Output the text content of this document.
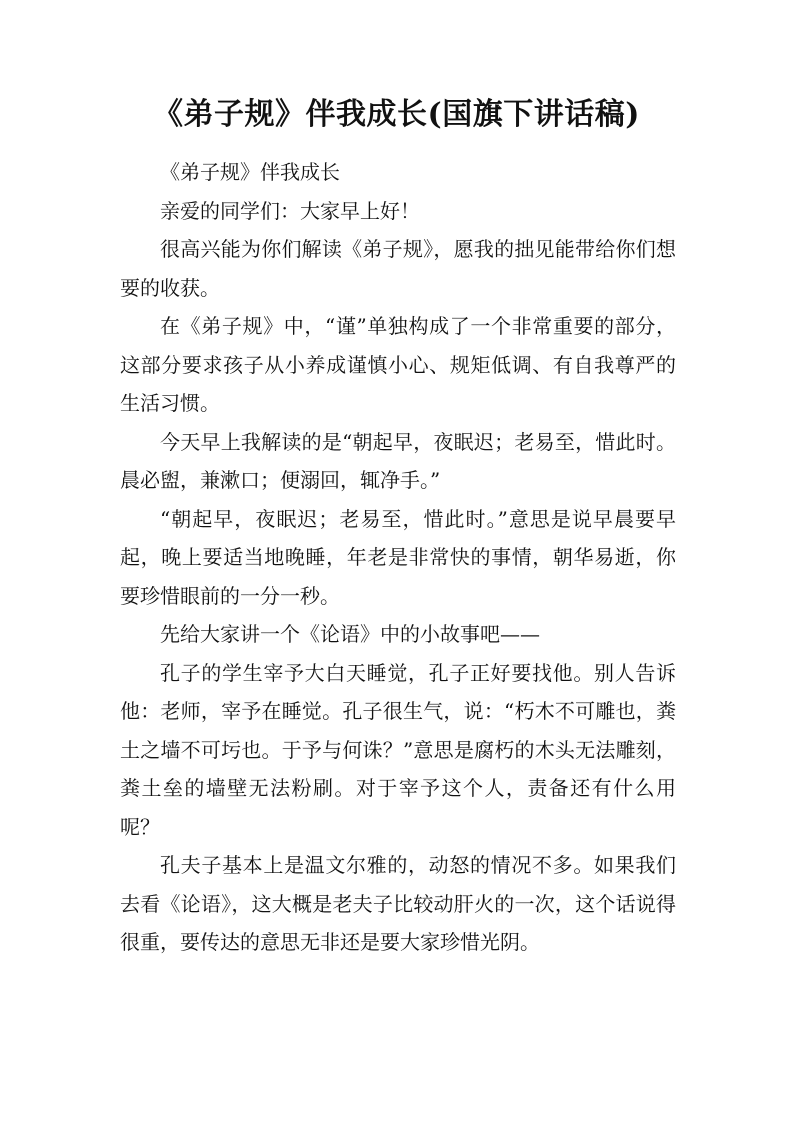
《弟子规》伴我成长(国旗下讲话稿)

《弟子规》伴我成长

亲爱的同学们：大家早上好！

很高兴能为你们解读《弟子规》，愿我的拙见能带给你们想要的收获。

在《弟子规》中，“谨”单独构成了一个非常重要的部分，这部分要求孩子从小养成谨慎小心、规矩低调、有自我尊严的生活习惯。

今天早上我解读的是“朝起早，夜眠迟；老易至，惜此时。晨必盥，兼漱口；便溺回，辄净手。”

“朝起早，夜眠迟；老易至，惜此时。”意思是说早晨要早起，晚上要适当地晚睡，年老是非常快的事情，朝华易逝，你要珍惜眼前的一分一秒。

先给大家讲一个《论语》中的小故事吧——

孔子的学生宰予大白天睡觉，孔子正好要找他。别人告诉他：老师，宰予在睡觉。孔子很生气，说：“朽木不可雕也，粪土之墙不可圬也。于予与何诛？”意思是腐朽的木头无法雕刻，粪土垒的墙壁无法粉刷。对于宰予这个人，责备还有什么用呢？

孔夫子基本上是温文尔雅的，动怒的情况不多。如果我们去看《论语》，这大概是老夫子比较动肝火的一次，这个话说得很重，要传达的意思无非还是要大家珍惜光阴。
